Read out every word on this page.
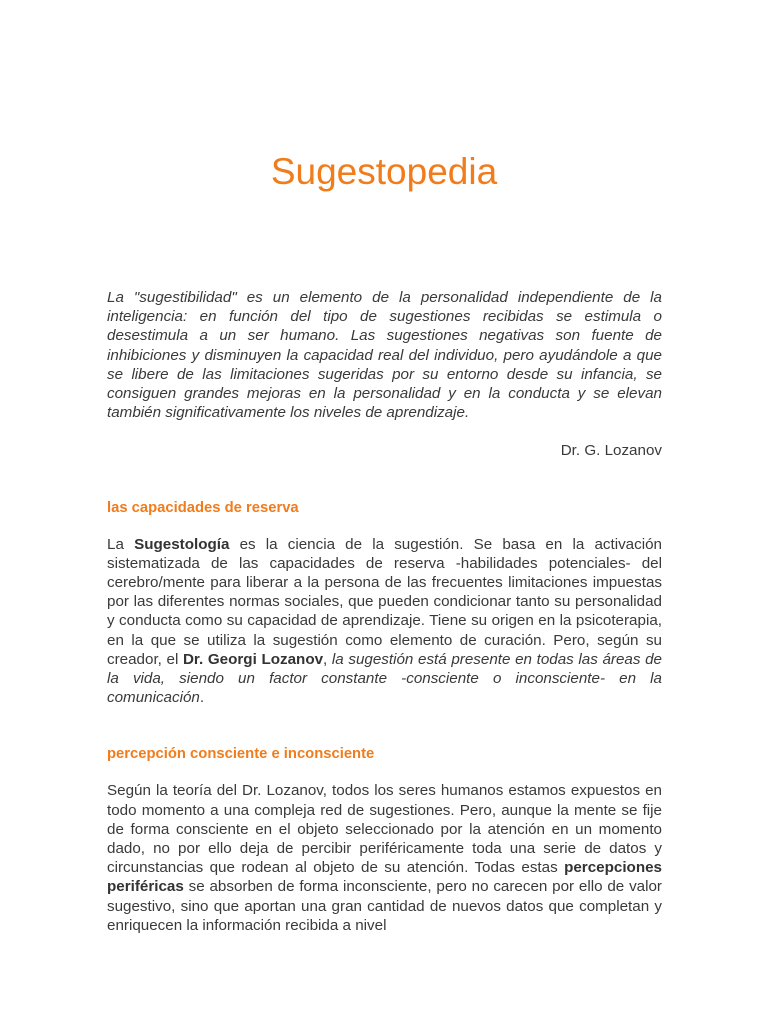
Sugestopedia

La "sugestibilidad" es un elemento de la personalidad independiente de la inteligencia: en función del tipo de sugestiones recibidas se estimula o desestimula a un ser humano. Las sugestiones negativas son fuente de inhibiciones y disminuyen la capacidad real del individuo, pero ayudándole a que se libere de las limitaciones sugeridas por su entorno desde su infancia, se consiguen grandes mejoras en la personalidad y en la conducta y se elevan también significativamente los niveles de aprendizaje.

Dr. G. Lozanov

las capacidades de reserva

La Sugestología es la ciencia de la sugestión. Se basa en la activación sistematizada de las capacidades de reserva -habilidades potenciales- del cerebro/mente para liberar a la persona de las frecuentes limitaciones impuestas por las diferentes normas sociales, que pueden condicionar tanto su personalidad y conducta como su capacidad de aprendizaje. Tiene su origen en la psicoterapia, en la que se utiliza la sugestión como elemento de curación. Pero, según su creador, el Dr. Georgi Lozanov, la sugestión está presente en todas las áreas de la vida, siendo un factor constante -consciente o inconsciente- en la comunicación.

percepción consciente e inconsciente

Según la teoría del Dr. Lozanov, todos los seres humanos estamos expuestos en todo momento a una compleja red de sugestiones. Pero, aunque la mente se fije de forma consciente en el objeto seleccionado por la atención en un momento dado, no por ello deja de percibir periféricamente toda una serie de datos y circunstancias que rodean al objeto de su atención. Todas estas percepciones periféricas se absorben de forma inconsciente, pero no carecen por ello de valor sugestivo, sino que aportan una gran cantidad de nuevos datos que completan y enriquecen la información recibida a nivel
